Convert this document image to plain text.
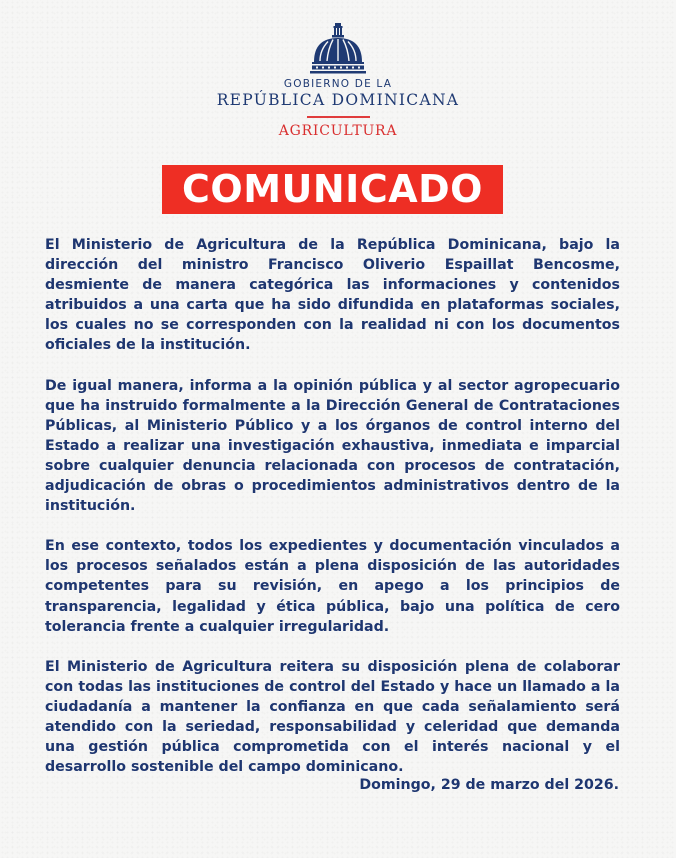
GOBIERNO DE LA
REPÚBLICA DOMINICANA
AGRICULTURA
COMUNICADO

El Ministerio de Agricultura de la República Dominicana, bajo la dirección del ministro Francisco Oliverio Espaillat Bencosme, desmiente de manera categórica las informaciones y contenidos atribuidos a una carta que ha sido difundida en plataformas sociales, los cuales no se corresponden con la realidad ni con los documentos oficiales de la institución.

De igual manera, informa a la opinión pública y al sector agropecuario que ha instruido formalmente a la Dirección General de Contrataciones Públicas, al Ministerio Público y a los órganos de control interno del Estado a realizar una investigación exhaustiva, inmediata e imparcial sobre cualquier denuncia relacionada con procesos de contratación, adjudicación de obras o procedimientos administrativos dentro de la institución.

En ese contexto, todos los expedientes y documentación vinculados a los procesos señalados están a plena disposición de las autoridades competentes para su revisión, en apego a los principios de transparencia, legalidad y ética pública, bajo una política de cero tolerancia frente a cualquier irregularidad.

El Ministerio de Agricultura reitera su disposición plena de colaborar con todas las instituciones de control del Estado y hace un llamado a la ciudadanía a mantener la confianza en que cada señalamiento será atendido con la seriedad, responsabilidad y celeridad que demanda una gestión pública comprometida con el interés nacional y el desarrollo sostenible del campo dominicano.

Domingo, 29 de marzo del 2026.
